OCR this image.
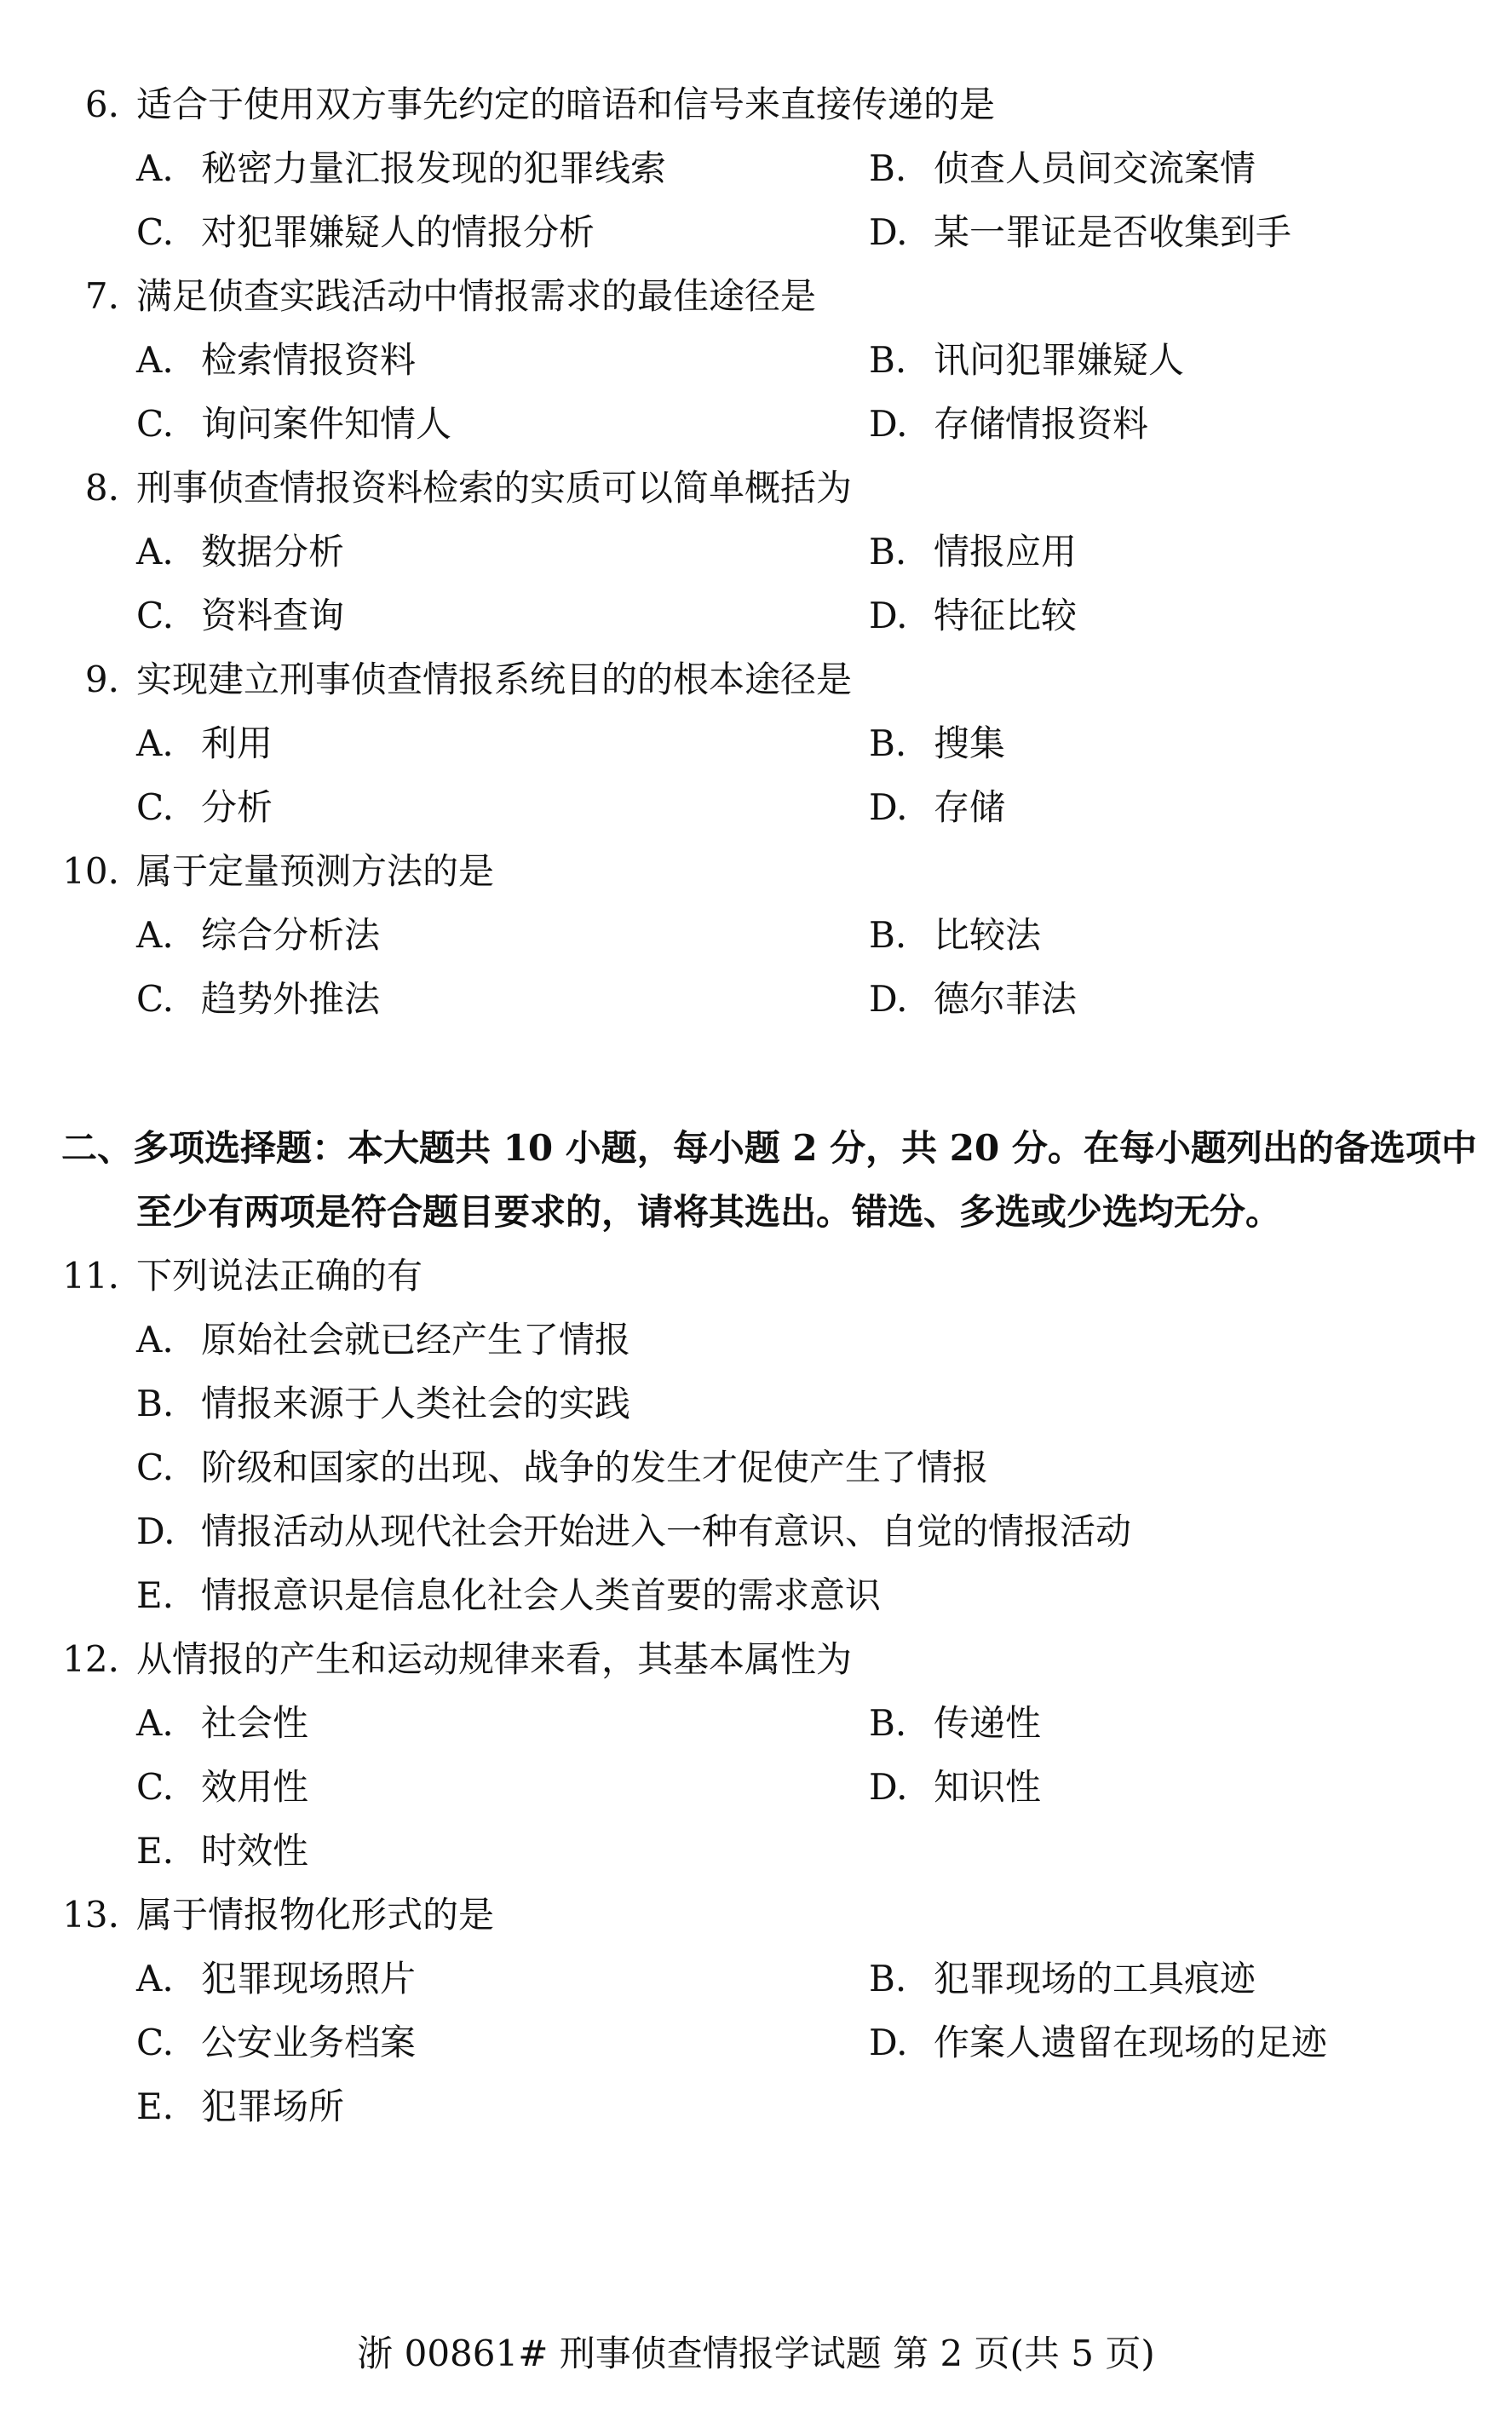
6. 适合于使用双方事先约定的暗语和信号来直接传递的是
A. 秘密力量汇报发现的犯罪线索	B. 侦查人员间交流案情
C. 对犯罪嫌疑人的情报分析	D. 某一罪证是否收集到手
7. 满足侦查实践活动中情报需求的最佳途径是
A. 检索情报资料	B. 讯问犯罪嫌疑人
C. 询问案件知情人	D. 存储情报资料
8. 刑事侦查情报资料检索的实质可以简单概括为
A. 数据分析	B. 情报应用
C. 资料查询	D. 特征比较
9. 实现建立刑事侦查情报系统目的的根本途径是
A. 利用	B. 搜集
C. 分析	D. 存储
10. 属于定量预测方法的是
A. 综合分析法	B. 比较法
C. 趋势外推法	D. 德尔菲法
二、多项选择题：本大题共 10 小题，每小题 2 分，共 20 分。在每小题列出的备选项中
至少有两项是符合题目要求的，请将其选出。错选、多选或少选均无分。
11. 下列说法正确的有
A. 原始社会就已经产生了情报
B. 情报来源于人类社会的实践
C. 阶级和国家的出现、战争的发生才促使产生了情报
D. 情报活动从现代社会开始进入一种有意识、自觉的情报活动
E. 情报意识是信息化社会人类首要的需求意识
12. 从情报的产生和运动规律来看，其基本属性为
A. 社会性	B. 传递性
C. 效用性	D. 知识性
E. 时效性
13. 属于情报物化形式的是
A. 犯罪现场照片	B. 犯罪现场的工具痕迹
C. 公安业务档案	D. 作案人遗留在现场的足迹
E. 犯罪场所
浙 00861# 刑事侦查情报学试题 第 2 页(共 5 页)
